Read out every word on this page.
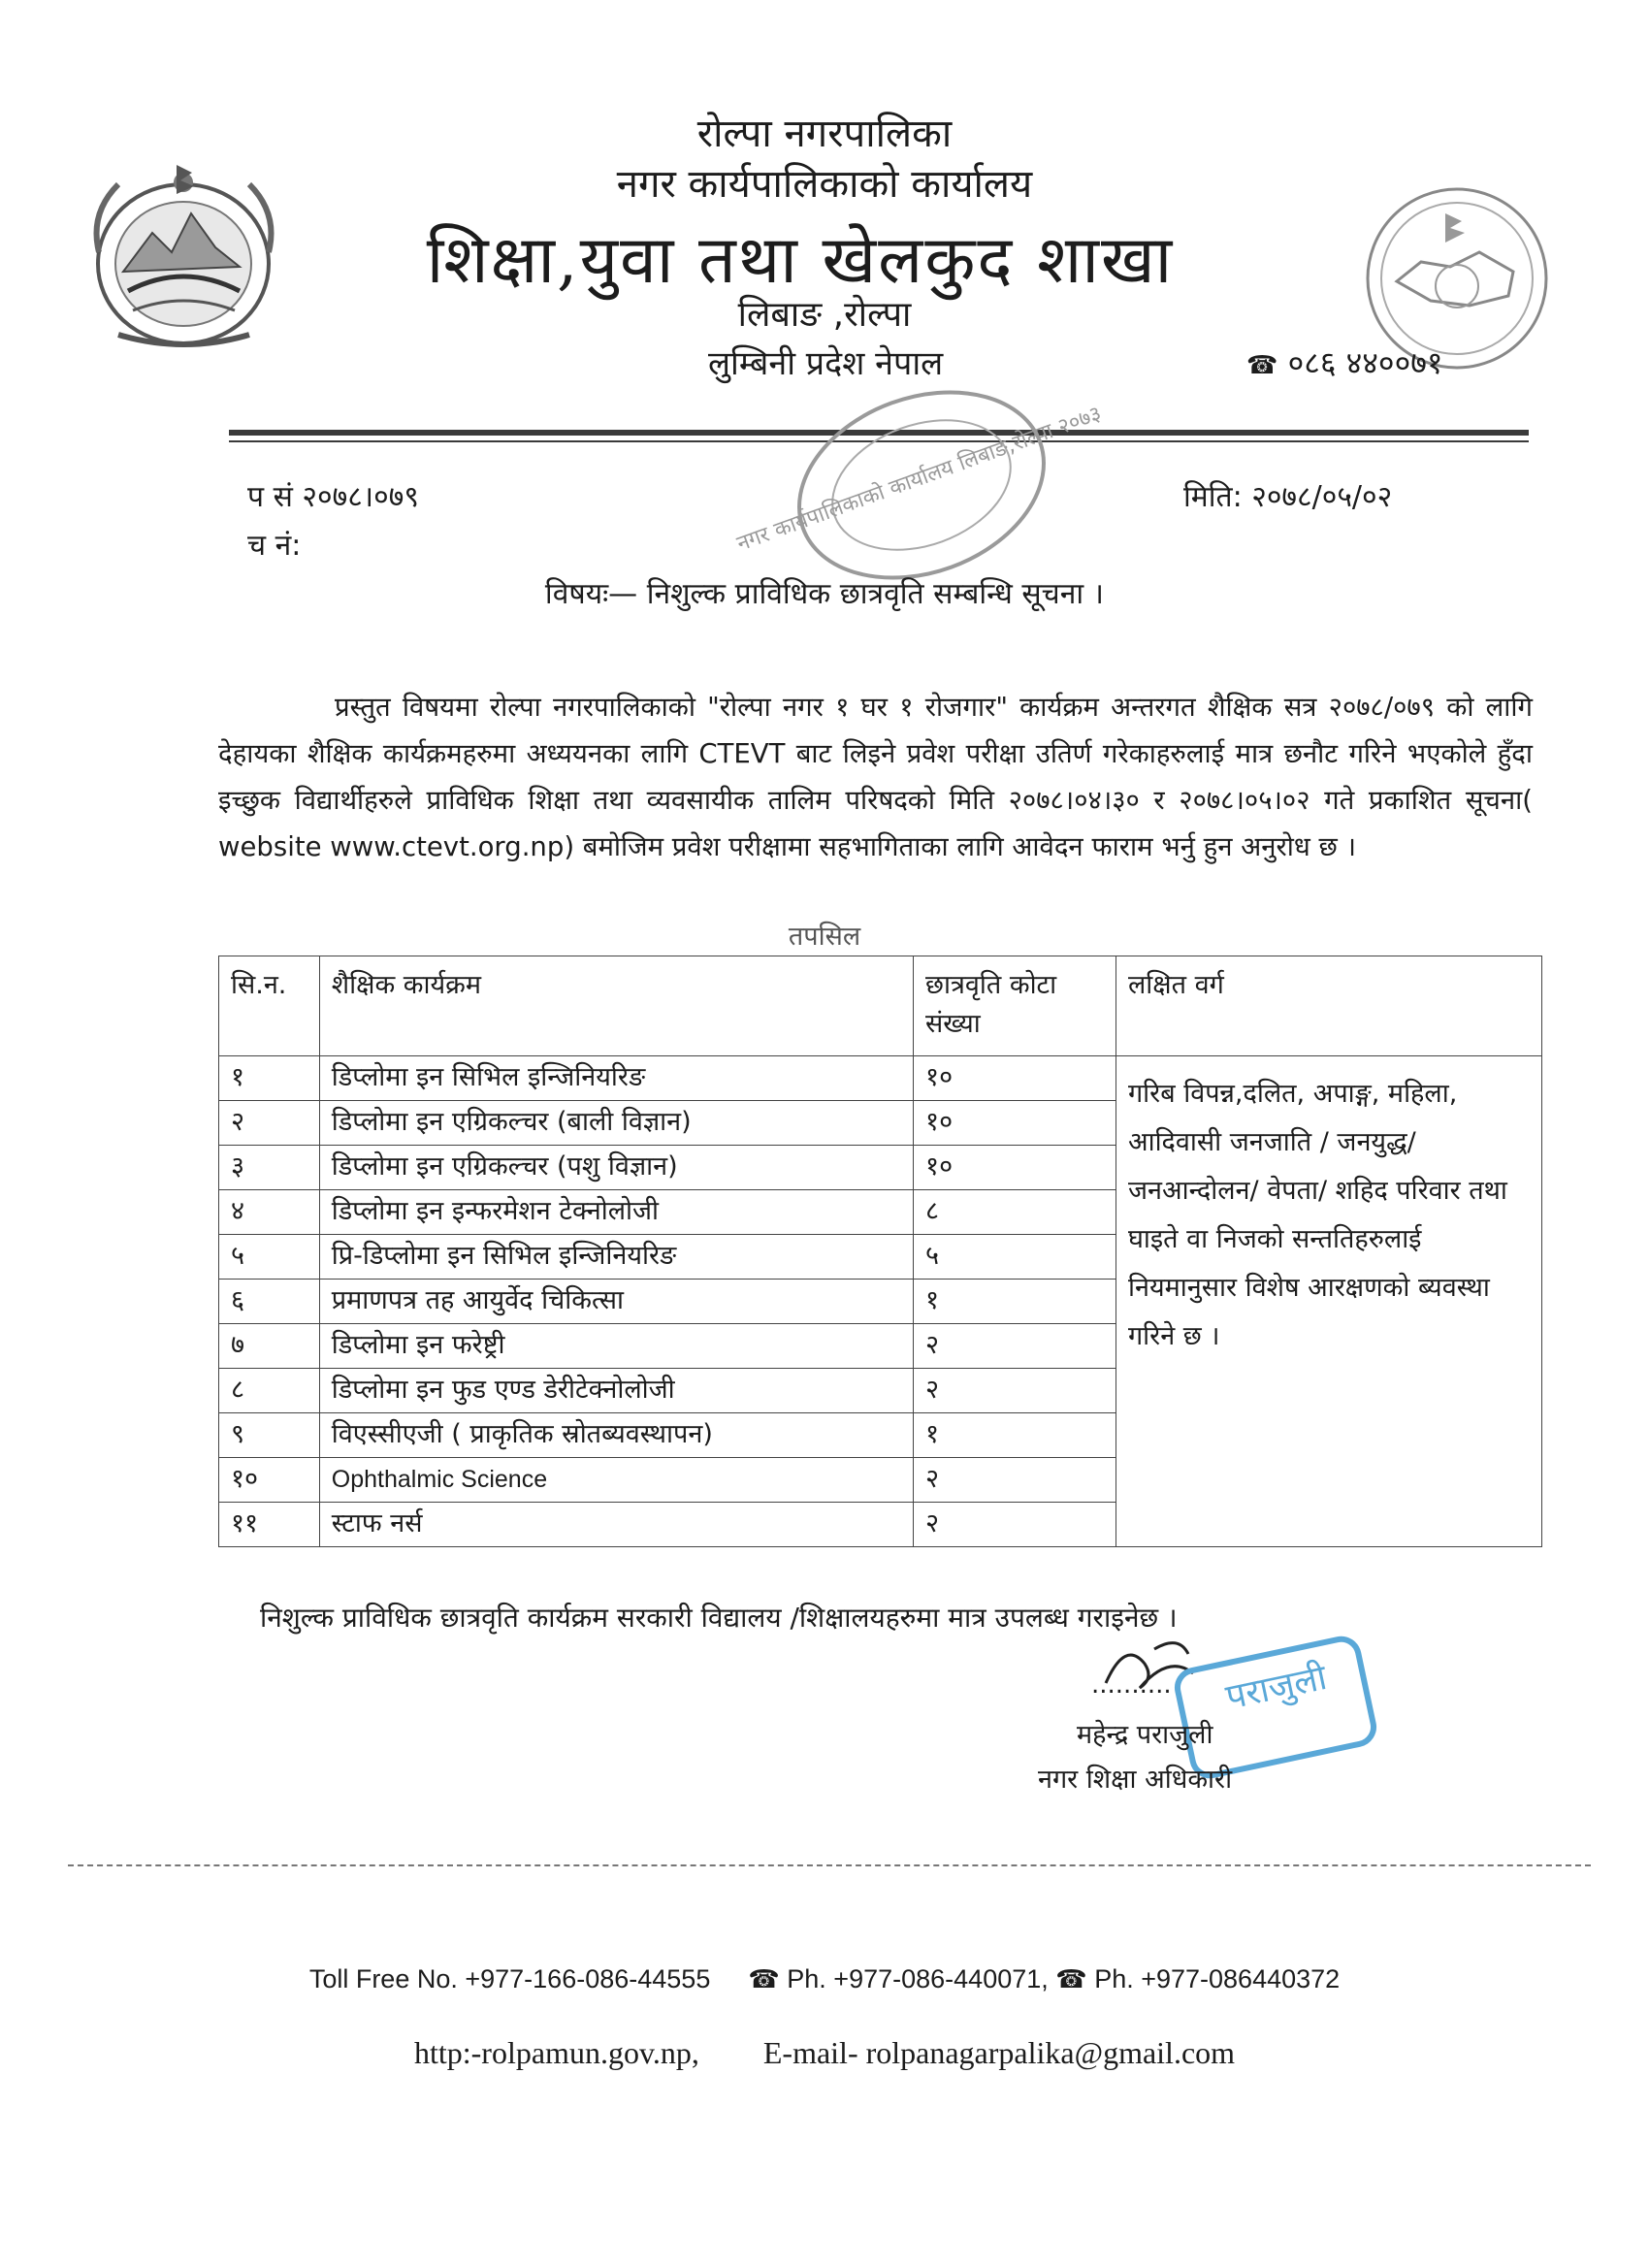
रोल्पा नगरपालिका
नगर कार्यपालिकाको कार्यालय
शिक्षा,युवा तथा खेलकुद शाखा
लिबाङ ,रोल्पा
लुम्बिनी प्रदेश नेपाल	☎ ०८६ ४४००७१
नगर कार्यपालिकाको कार्यालय लिबाङ,रोल्पा २०७३
प सं २०७८।०७९
च नं:
मिति: २०७८/०५/०२
विषयः— निशुल्क प्राविधिक छात्रवृति सम्बन्धि सूचना ।
प्रस्तुत विषयमा रोल्पा नगरपालिकाको "रोल्पा नगर १ घर १ रोजगार" कार्यक्रम अन्तरगत शैक्षिक सत्र २०७८/०७९ को लागि देहायका शैक्षिक कार्यक्रमहरुमा अध्ययनका लागि CTEVT बाट लिइने प्रवेश परीक्षा उतिर्ण गरेकाहरुलाई मात्र छनौट गरिने भएकोले हुँदा इच्छुक विद्यार्थीहरुले प्राविधिक शिक्षा तथा व्यवसायीक तालिम परिषदको मिति २०७८।०४।३० र २०७८।०५।०२ गते प्रकाशित सूचना( website www.ctevt.org.np) बमोजिम प्रवेश परीक्षामा सहभागिताका लागि आवेदन फाराम भर्नु हुन अनुरोध छ ।
तपसिल
सि.न.	शैक्षिक कार्यक्रम	छात्रवृति कोटा संख्या	लक्षित वर्ग
१	डिप्लोमा इन सिभिल इन्जिनियरिङ	१०	गरिब विपन्न,दलित, अपाङ्ग, महिला, आदिवासी जनजाति / जनयुद्ध/ जनआन्दोलन/ वेपता/ शहिद परिवार तथा घाइते वा निजको सन्ततिहरुलाई नियमानुसार विशेष आरक्षणको ब्यवस्था गरिने छ ।
२	डिप्लोमा इन एग्रिकल्चर (बाली विज्ञान)	१०	
३	डिप्लोमा इन एग्रिकल्चर (पशु विज्ञान)	१०	
४	डिप्लोमा इन इन्फरमेशन टेक्नोलोजी	८	
५	प्रि-डिप्लोमा इन सिभिल इन्जिनियरिङ	५	
६	प्रमाणपत्र तह आयुर्वेद चिकित्सा	१	
७	डिप्लोमा इन फरेष्ट्री	२	
८	डिप्लोमा इन फुड एण्ड डेरीटेक्नोलोजी	२	
९	विएस्सीएजी ( प्राकृतिक स्रोतब्यवस्थापन)	१	
१०	Ophthalmic Science	२	
११	स्टाफ नर्स	२	
निशुल्क प्राविधिक छात्रवृति कार्यक्रम सरकारी विद्यालय /शिक्षालयहरुमा मात्र उपलब्ध गराइनेछ ।
पराजुली
..........
महेन्द्र पराजुली
नगर शिक्षा अधिकारी
Toll Free No. +977-166-086-44555 ☎ Ph. +977-086-440071, ☎ Ph. +977-086440372
http:-rolpamun.gov.np, E-mail- rolpanagarpalika@gmail.com
